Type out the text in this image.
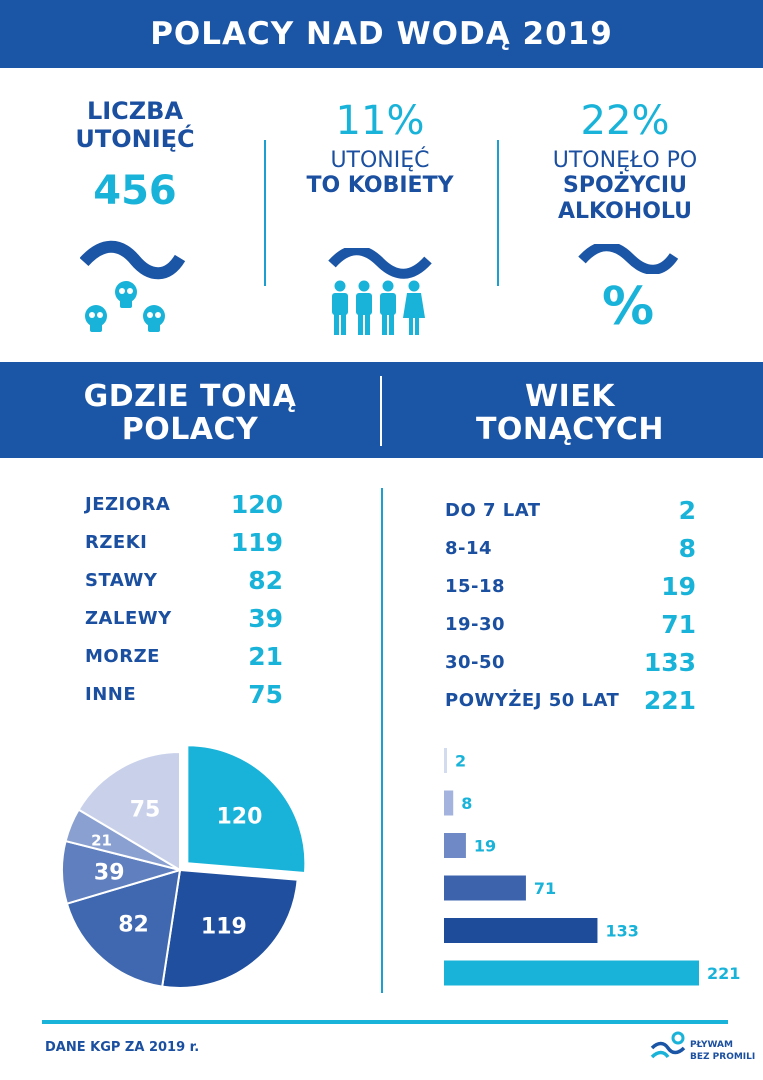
POLACY NAD WODĄ 2019
LICZBA
UTONIĘĆ
456
11%
UTONIĘĆ
TO KOBIETY
22%
UTONĘŁO PO
SPOŻYCIU
ALKOHOLU
%
GDZIE TONĄ
POLACY
WIEK
TONĄCYCH
JEZIORA	120
RZEKI	119
STAWY	82
ZALEWY	39
MORZE	21
INNE	75
DO 7 LAT	2
8-14	8
15-18	19
19-30	71
30-50	133
POWYŻEJ 50 LAT 221
120
119
82
39
21
75
2
8
19
71
133
221
DANE KGP ZA 2019 r.	PŁYWAM
BEZ PROMILI
